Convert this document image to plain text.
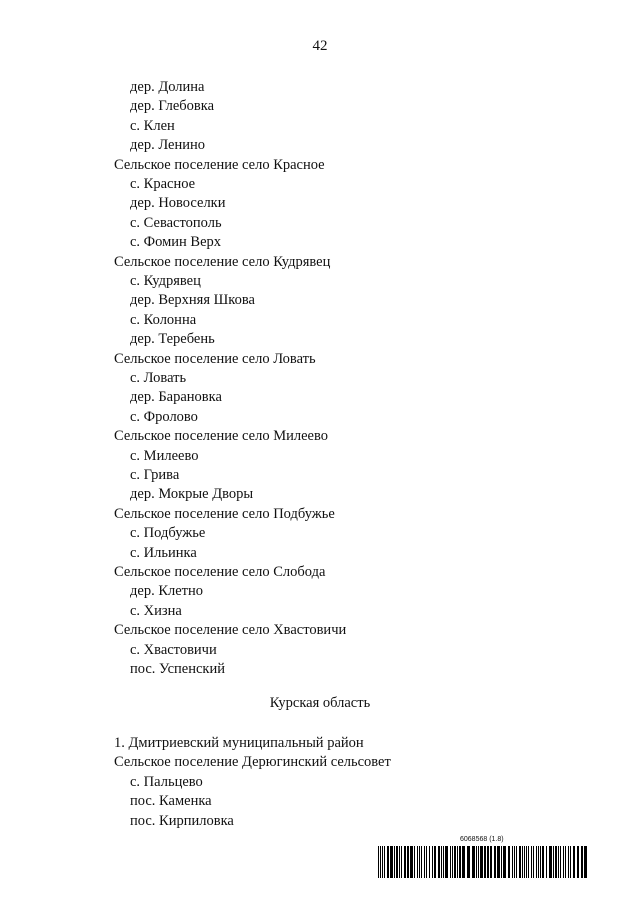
42
дер. Долина
дер. Глебовка
с. Клен
дер. Ленино
Сельское поселение село Красное
с. Красное
дер. Новоселки
с. Севастополь
с. Фомин Верх
Сельское поселение село Кудрявец
с. Кудрявец
дер. Верхняя Шкова
с. Колонна
дер. Теребень
Сельское поселение село Ловать
с. Ловать
дер. Барановка
с. Фролово
Сельское поселение село Милеево
с. Милеево
с. Грива
дер. Мокрые Дворы
Сельское поселение село Подбужье
с. Подбужье
с. Ильинка
Сельское поселение село Слобода
дер. Клетно
с. Хизна
Сельское поселение село Хвастовичи
с. Хвастовичи
пос. Успенский
Курская область
1. Дмитриевский муниципальный район
Сельское поселение Дерюгинский сельсовет
с. Пальцево
пос. Каменка
пос. Кирпиловка
6068568 (1.8)
